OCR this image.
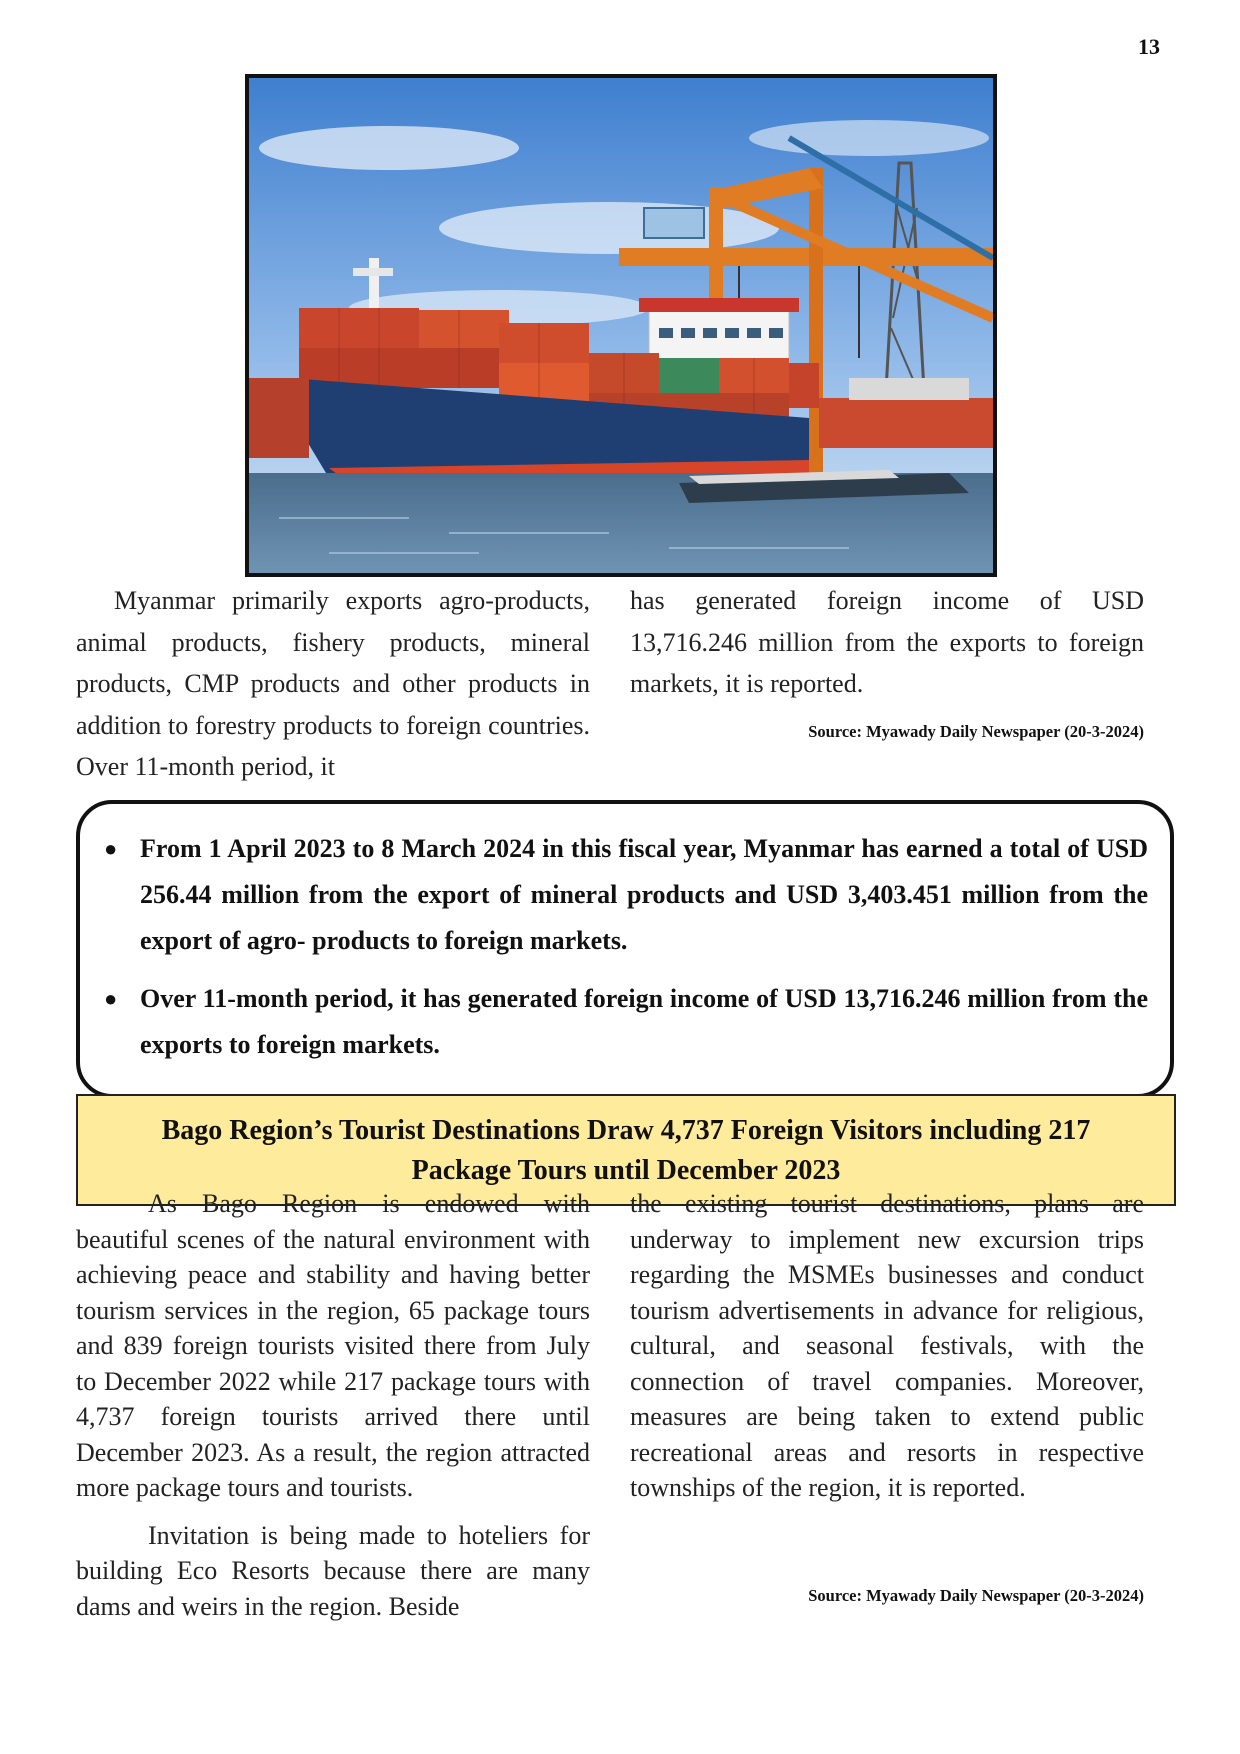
13

Myanmar primarily exports agro-products, animal products, fishery products, mineral products, CMP products and other products in addition to forestry products to foreign countries. Over 11-month period, it

has generated foreign income of USD 13,716.246 million from the exports to foreign markets, it is reported.

Source: Myawady Daily Newspaper (20-3-2024)
● From 1 April 2023 to 8 March 2024 in this fiscal year, Myanmar has earned a total of USD 256.44 million from the export of mineral products and USD 3,403.451 million from the export of agro- products to foreign markets.
● Over 11-month period, it has generated foreign income of USD 13,716.246 million from the exports to foreign markets.
Bago Region’s Tourist Destinations Draw 4,737 Foreign Visitors including 217
Package Tours until December 2023

As Bago Region is endowed with beautiful scenes of the natural environment with achieving peace and stability and having better tourism services in the region, 65 package tours and 839 foreign tourists visited there from July to December 2022 while 217 package tours with 4,737 foreign tourists arrived there until December 2023. As a result, the region attracted more package tours and tourists.

Invitation is being made to hoteliers for building Eco Resorts because there are many dams and weirs in the region. Beside

the existing tourist destinations, plans are underway to implement new excursion trips regarding the MSMEs businesses and conduct tourism advertisements in advance for religious, cultural, and seasonal festivals, with the connection of travel companies. Moreover, measures are being taken to extend public recreational areas and resorts in respective townships of the region, it is reported.

Source: Myawady Daily Newspaper (20-3-2024)
